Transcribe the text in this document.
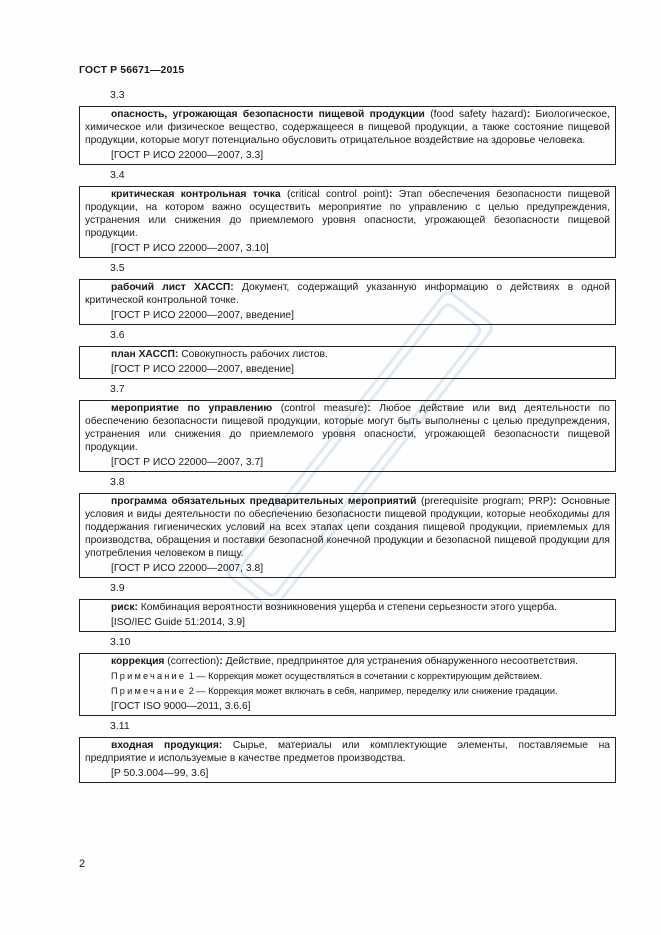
ГОСТ Р 56671—2015
3.3
опасность, угрожающая безопасности пищевой продукции (food safety hazard): Биологическое, химическое или физическое вещество, содержащееся в пищевой продукции, а также состояние пищевой продукции, которые могут потенциально обусловить отрицательное воздействие на здоровье человека.
[ГОСТ Р ИСО 22000—2007, 3.3]
3.4
критическая контрольная точка (critical control point): Этап обеспечения безопасности пищевой продукции, на котором важно осуществить мероприятие по управлению с целью предупреждения, устранения или снижения до приемлемого уровня опасности, угрожающей безопасности пищевой продукции.
[ГОСТ Р ИСО 22000—2007, 3.10]
3.5
рабочий лист ХАССП: Документ, содержащий указанную информацию о действиях в одной критической контрольной точке.
[ГОСТ Р ИСО 22000—2007, введение]
3.6
план ХАССП: Совокупность рабочих листов.
[ГОСТ Р ИСО 22000—2007, введение]
3.7
мероприятие по управлению (control measure): Любое действие или вид деятельности по обеспечению безопасности пищевой продукции, которые могут быть выполнены с целью предупреждения, устранения или снижения до приемлемого уровня опасности, угрожающей безопасности пищевой продукции.
[ГОСТ Р ИСО 22000—2007, 3.7]
3.8
программа обязательных предварительных мероприятий (prerequisite program; PRP): Основные условия и виды деятельности по обеспечению безопасности пищевой продукции, которые необходимы для поддержания гигиенических условий на всех этапах цепи создания пищевой продукции, приемлемых для производства, обращения и поставки безопасной конечной продукции и безопасной пищевой продукции для употребления человеком в пищу.
[ГОСТ Р ИСО 22000—2007, 3.8]
3.9
риск: Комбинация вероятности возникновения ущерба и степени серьезности этого ущерба.
[ISO/IEC Guide 51:2014, 3.9]
3.10
коррекция (correction): Действие, предпринятое для устранения обнаруженного несоответствия.
Примечание 1 — Коррекция может осуществляться в сочетании с корректирующим действием.
Примечание 2 — Коррекция может включать в себя, например, переделку или снижение градации.
[ГОСТ ISO 9000—2011, 3.6.6]
3.11
входная продукция: Сырье, материалы или комплектующие элементы, поставляемые на предприятие и используемые в качестве предметов производства.
[Р 50.3.004—99, 3.6]
2
